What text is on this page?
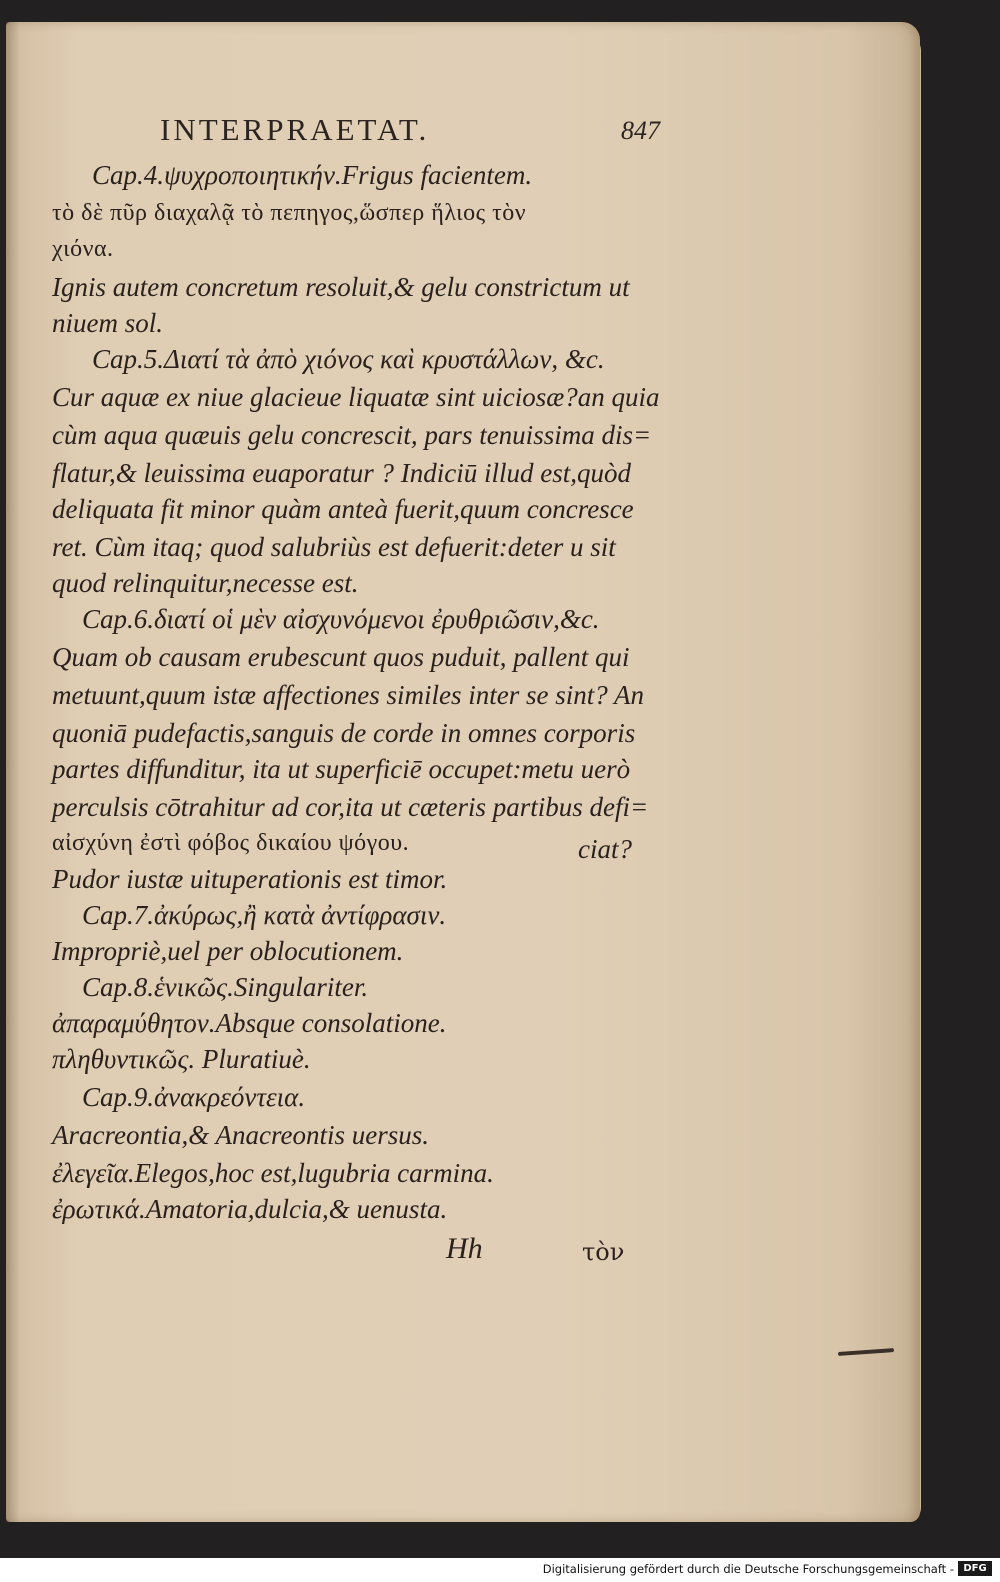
INTERPRAETAT.	847
Cap.4.ψυχροποιητικήν.Frigus facientem.
τὸ δὲ πῦρ διαχαλᾷ τὸ πεπηγος,ὥσπερ ἥλιος τὸν
χιόνα.
Ignis autem concretum resoluit,& gelu constrictum ut
niuem sol.
Cap.5.Διατί τὰ ἀπὸ χιόνος καὶ κρυστάλλων, &c.
Cur aquæ ex niue glacieue liquatæ sint uiciosæ?an quia
cùm aqua quæuis gelu concrescit, pars tenuissima dis=
flatur,& leuissima euaporatur ? Indiciū illud est,quòd
deliquata fit minor quàm anteà fuerit,quum concresce
ret. Cùm itaq; quod salubriùs est defuerit:deter u sit
quod relinquitur,necesse est.
Cap.6.διατί οἱ μὲν αἰσχυνόμενοι ἐρυθριῶσιν,&c.
Quam ob causam erubescunt quos puduit, pallent qui
metuunt,quum istæ affectiones similes inter se sint? An
quoniā pudefactis,sanguis de corde in omnes corporis
partes diffunditur, ita ut superficiē occupet:metu uerò
perculsis cōtrahitur ad cor,ita ut cæteris partibus defi=
αἰσχύνη ἐστὶ φόβος δικαίου ψόγου.	ciat?
Pudor iustæ uituperationis est timor.
Cap.7.ἀκύρως,ἢ κατὰ ἀντίφρασιν.
Impropriè,uel per oblocutionem.
Cap.8.ἑνικῶς.Singulariter.
ἀπαραμύθητον.Absque consolatione.
πληθυντικῶς. Pluratiuè.
Cap.9.ἀνακρεόντεια.
Aracreontia,& Anacreontis uersus.
ἐλεγεῖα.Elegos,hoc est,lugubria carmina.
ἐρωτικά.Amatoria,dulcia,& uenusta.
Hh	τὸν
Digitalisierung gefördert durch die Deutsche Forschungsgemeinschaft - DFG
